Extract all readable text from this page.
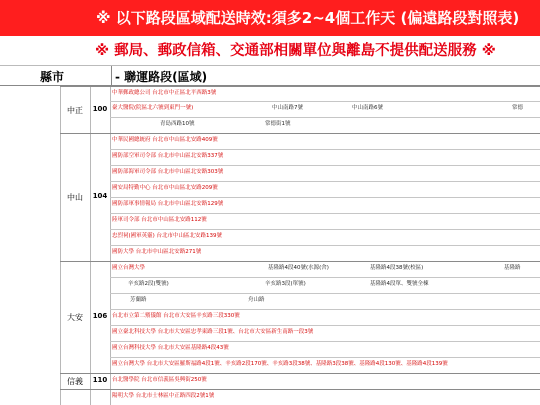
※ 以下路段區域配送時效:須多2~4個工作天 (偏遠路段對照表)
※ 郵局、郵政信箱、交通部相關單位與離島不提供配送服務 ※
縣市	- 聯運路段(區域)
中正	100
中華郵政總公司 台北市中正區北平西路3號
臺大醫院(院區北六號到東門一號)	中山南路7號	中山南路6號	常德
青島西路10號	常德街1號
中山	104
中華民國總統府 台北市中山區北安路409號
國防部空軍司令部 台北市中山區北安路337號
國防部海軍司令部 台北市中山區北安路303號
國安局特勤中心 台北市中山區北安路209號
國防部軍事情報局 台北市中山區北安路129號
陸軍司令部 台北市中山區北安路112號
忠烈祠(國軍英靈) 台北市中山區北安路139號
國防大學 台北市中山區北安路271號
大安	106
國立台灣大學	基隆路4段40號(水源(舍)	基隆路4段38號(校區)	基隆路
辛亥路2段(雙號)	辛亥路3段(單號)	基隆路4段單、雙號全棟
芳蘭路	舟山路
台北市立第二殯儀館 台北市大安區辛亥路三段330號
國立臺北科技大學 台北市大安區忠孝東路三段1號、台北市大安區新生南路一段3號
國立台灣科技大學 台北市大安區基隆路4段43號
國立台灣大學 台北市大安區羅斯福路4段1號、辛亥路2段170號、辛亥路3段38號、基隆路3段38號、基隆路4段130號、基隆路4段139號
信義	110 台北醫學院 台北市信義區吳興街250號
陽明大學 台北市士林區中正路四段2號1號
